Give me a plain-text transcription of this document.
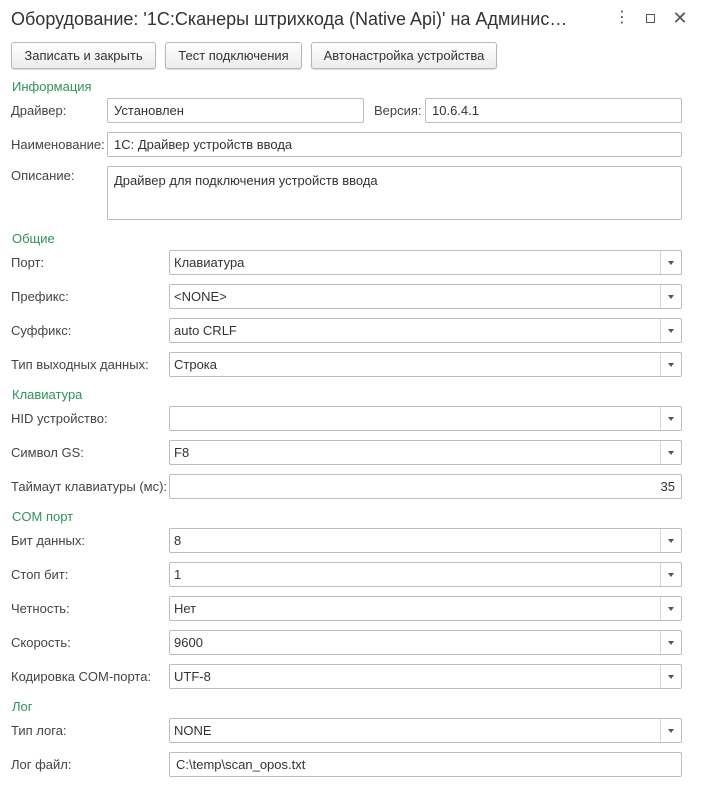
Оборудование: '1С:Сканеры штрихкода (Native Api)' на Админис…	⋮ ✕
Записать и закрыть	Тест подключения	Автонастройка устройства
Информация
Драйвер:	Установлен	Версия: 10.6.4.1
Наименование: 1С: Драйвер устройств ввода
Описание:	Драйвер для подключения устройств ввода
Общие
Порт:	Клавиатура
Префикс:	<NONE>
Суффикс:	auto CRLF
Тип выходных данных: Строка
Клавиатура
HID устройство:
Символ GS:	F8
Таймаут клавиатуры (мс):	35
COM порт
Бит данных:	8
Стоп бит:	1
Четность:	Нет
Скорость:	9600
Кодировка COM-порта: UTF-8
Лог
Тип лога:	NONE
Лог файл:	C:\temp\scan_opos.txt
